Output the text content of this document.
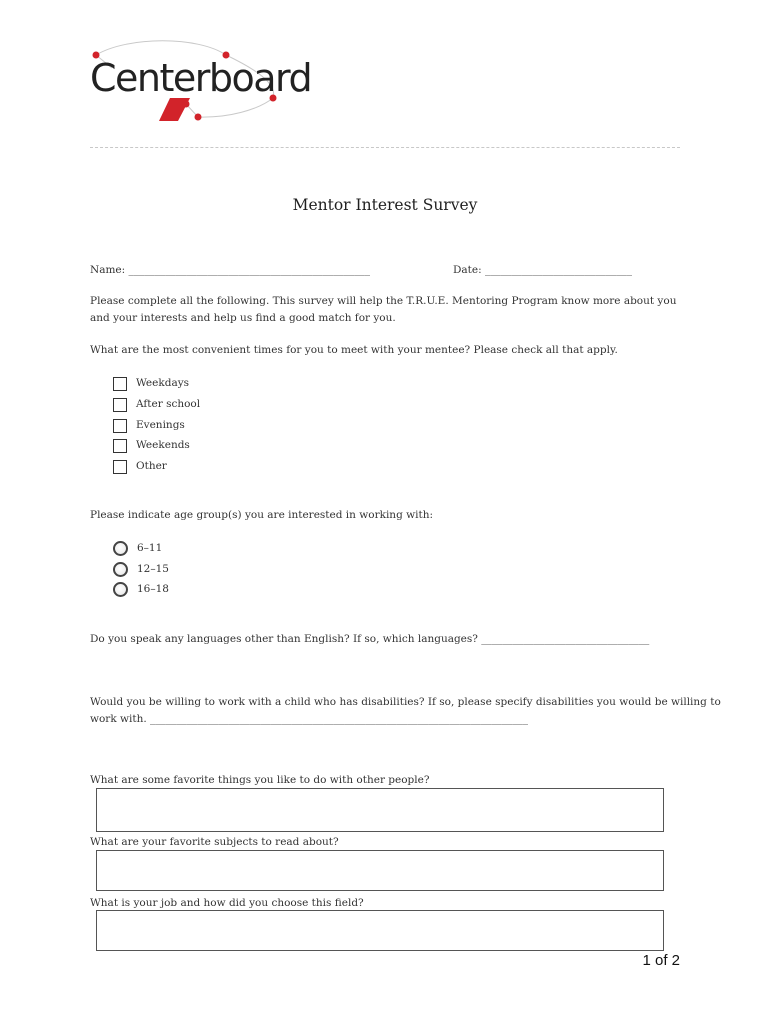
Centerboard
Mentor Interest Survey
Name: ______________________________________________	Date: ____________________________
Please complete all the following. This survey will help the T.R.U.E. Mentoring Program know more about you and your interests and help us find a good match for you.
What are the most convenient times for you to meet with your mentee? Please check all that apply.
Weekdays
After school
Evenings
Weekends
Other
Please indicate age group(s) you are interested in working with:
6–11
12–15
16–18
Do you speak any languages other than English? If so, which languages? ________________________________
Would you be willing to work with a child who has disabilities? If so, please specify disabilities you would be willing to
work with. ________________________________________________________________________
What are some favorite things you like to do with other people?
What are your favorite subjects to read about?
What is your job and how did you choose this field?
1 of 2
